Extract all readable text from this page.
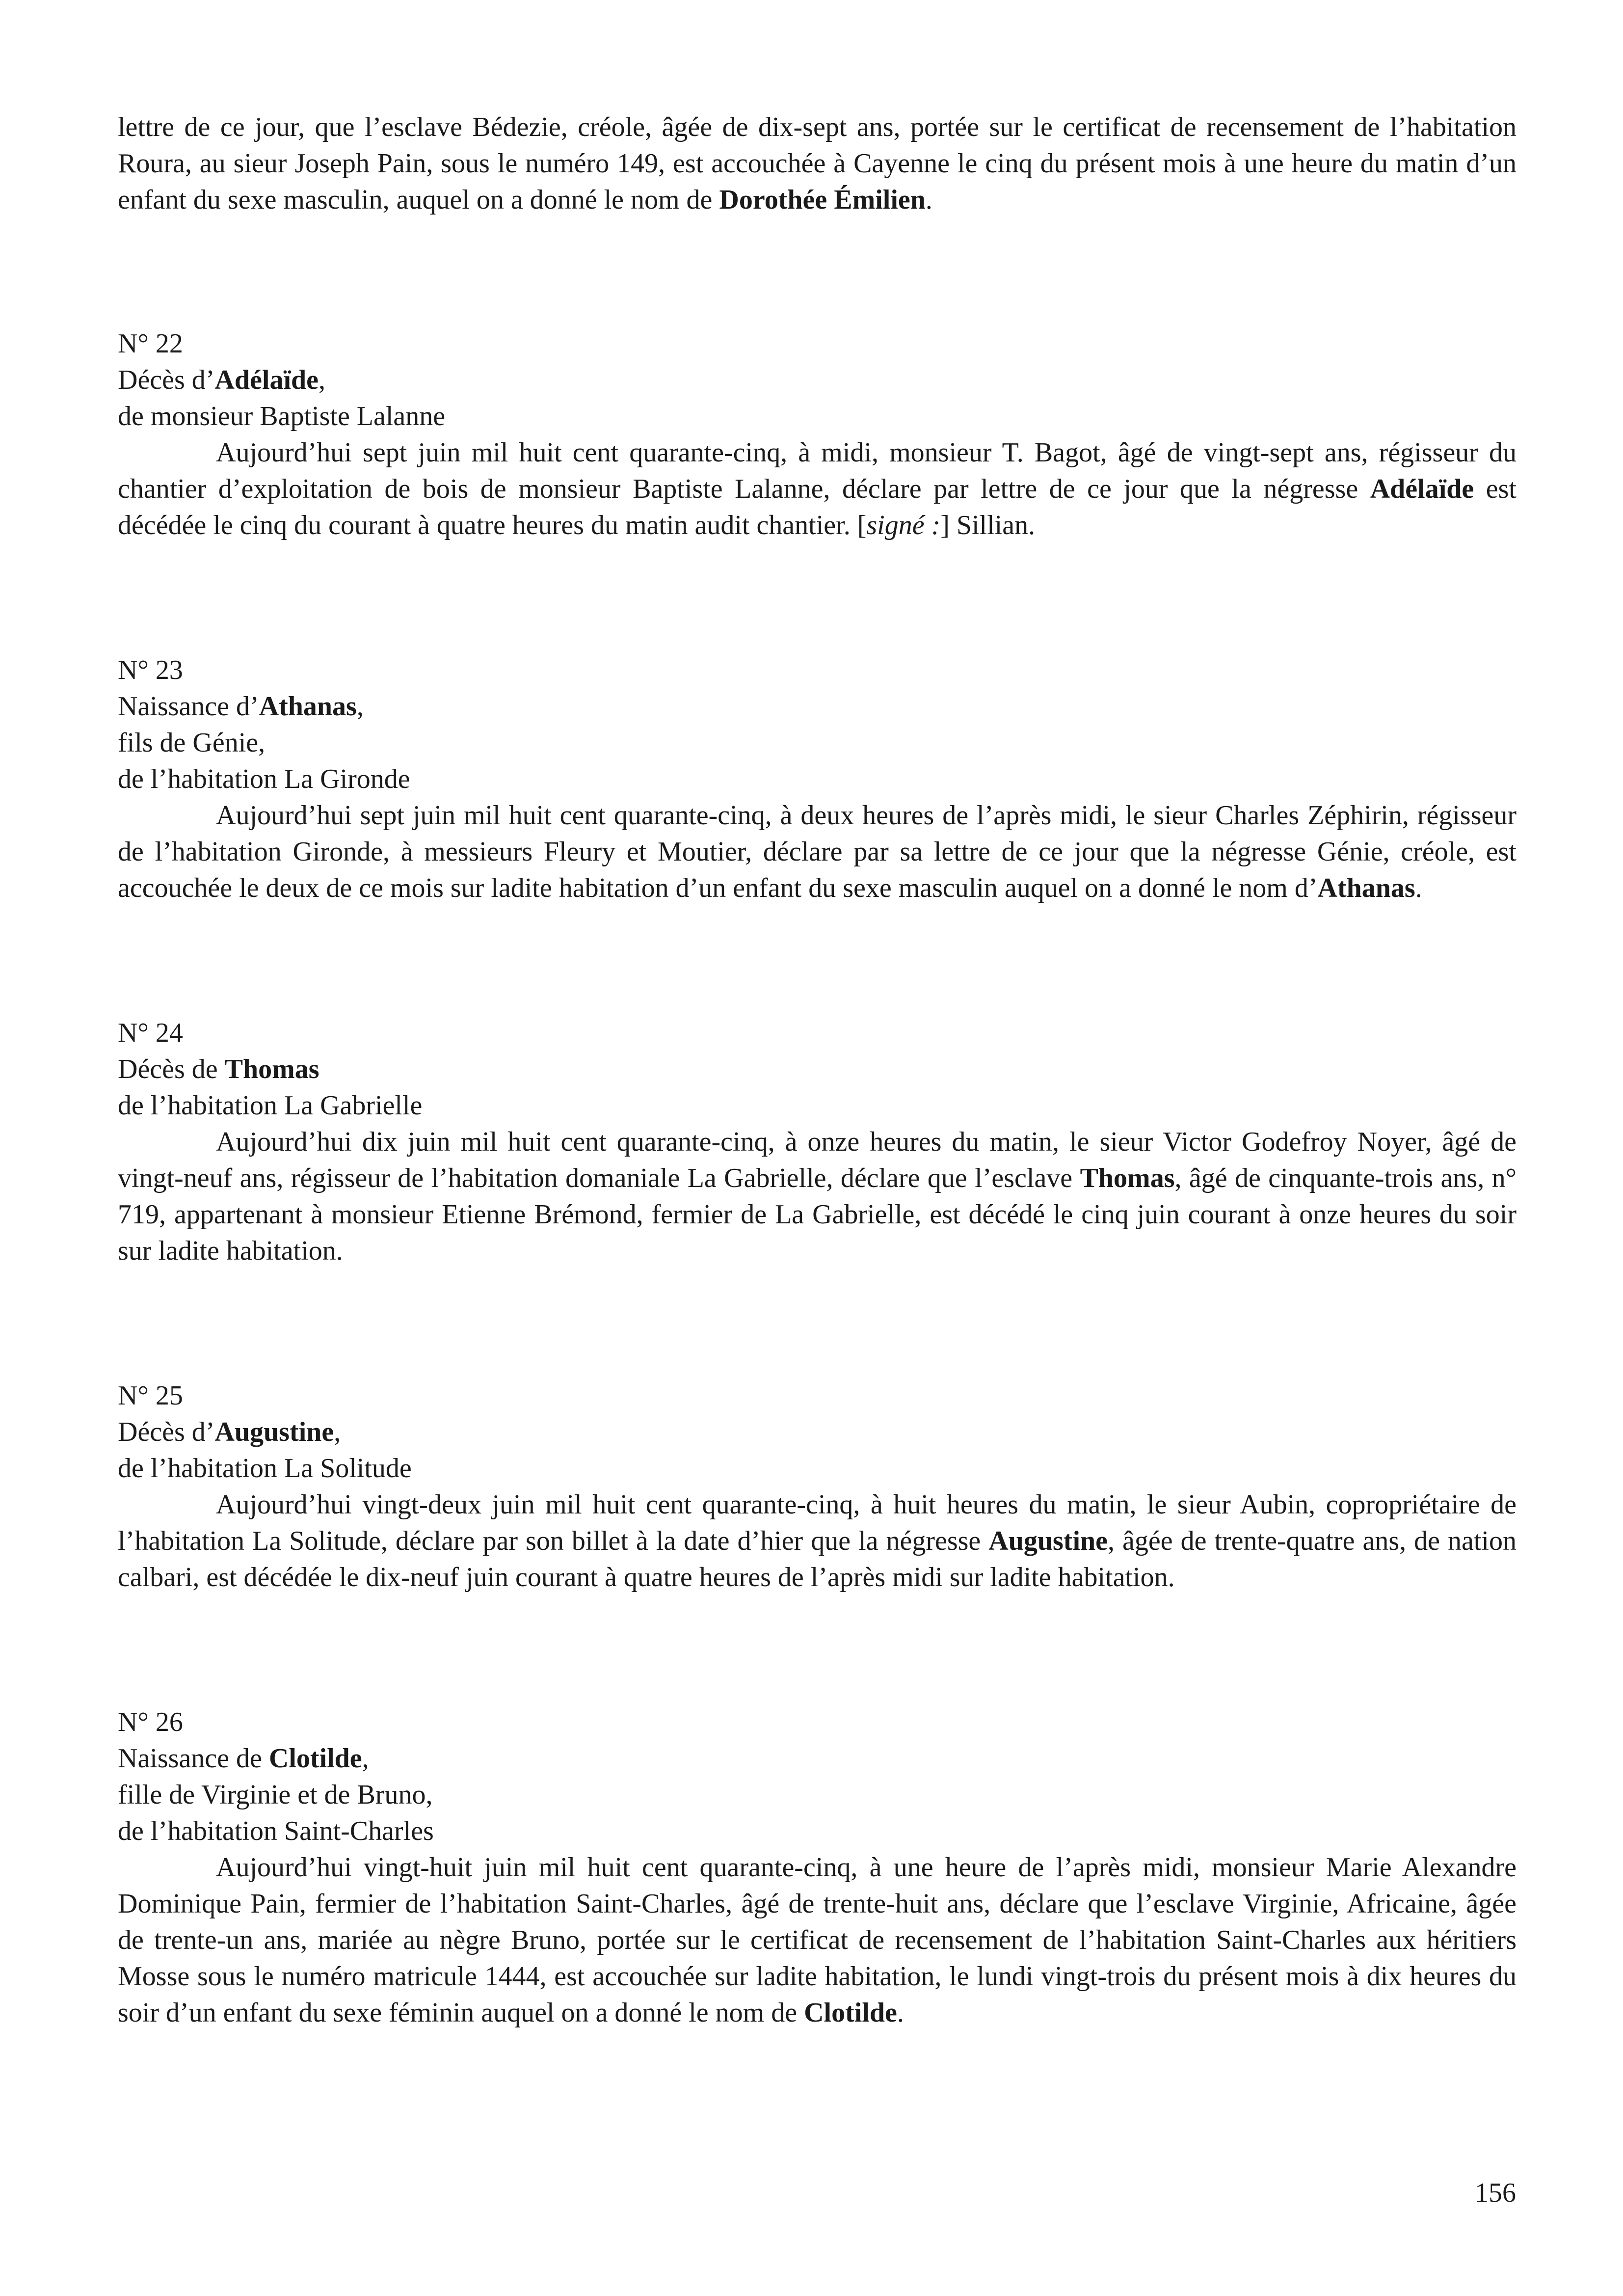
lettre de ce jour, que l’esclave Bédezie, créole, âgée de dix-sept ans, portée sur le certificat de recensement de l’habitation Roura, au sieur Joseph Pain, sous le numéro 149, est accouchée à Cayenne le cinq du présent mois à une heure du matin d’un enfant du sexe masculin, auquel on a donné le nom de Dorothée Émilien.

N° 22
Décès d’Adélaïde,
de monsieur Baptiste Lalanne

Aujourd’hui sept juin mil huit cent quarante-cinq, à midi, monsieur T. Bagot, âgé de vingt-sept ans, régisseur du chantier d’exploitation de bois de monsieur Baptiste Lalanne, déclare par lettre de ce jour que la négresse Adélaïde est décédée le cinq du courant à quatre heures du matin audit chantier. [signé :] Sillian.

N° 23
Naissance d’Athanas,
fils de Génie,
de l’habitation La Gironde

Aujourd’hui sept juin mil huit cent quarante-cinq, à deux heures de l’après midi, le sieur Charles Zéphirin, régisseur de l’habitation Gironde, à messieurs Fleury et Moutier, déclare par sa lettre de ce jour que la négresse Génie, créole, est accouchée le deux de ce mois sur ladite habitation d’un enfant du sexe masculin auquel on a donné le nom d’Athanas.

N° 24
Décès de Thomas
de l’habitation La Gabrielle

Aujourd’hui dix juin mil huit cent quarante-cinq, à onze heures du matin, le sieur Victor Godefroy Noyer, âgé de vingt-neuf ans, régisseur de l’habitation domaniale La Gabrielle, déclare que l’esclave Thomas, âgé de cinquante-trois ans, n° 719, appartenant à monsieur Etienne Brémond, fermier de La Gabrielle, est décédé le cinq juin courant à onze heures du soir sur ladite habitation.

N° 25
Décès d’Augustine,
de l’habitation La Solitude

Aujourd’hui vingt-deux juin mil huit cent quarante-cinq, à huit heures du matin, le sieur Aubin, copropriétaire de l’habitation La Solitude, déclare par son billet à la date d’hier que la négresse Augustine, âgée de trente-quatre ans, de nation calbari, est décédée le dix-neuf juin courant à quatre heures de l’après midi sur ladite habitation.

N° 26
Naissance de Clotilde,
fille de Virginie et de Bruno,
de l’habitation Saint-Charles

Aujourd’hui vingt-huit juin mil huit cent quarante-cinq, à une heure de l’après midi, monsieur Marie Alexandre Dominique Pain, fermier de l’habitation Saint-Charles, âgé de trente-huit ans, déclare que l’esclave Virginie, Africaine, âgée de trente-un ans, mariée au nègre Bruno, portée sur le certificat de recensement de l’habitation Saint-Charles aux héritiers Mosse sous le numéro matricule 1444, est accouchée sur ladite habitation, le lundi vingt-trois du présent mois à dix heures du soir d’un enfant du sexe féminin auquel on a donné le nom de Clotilde.

156
